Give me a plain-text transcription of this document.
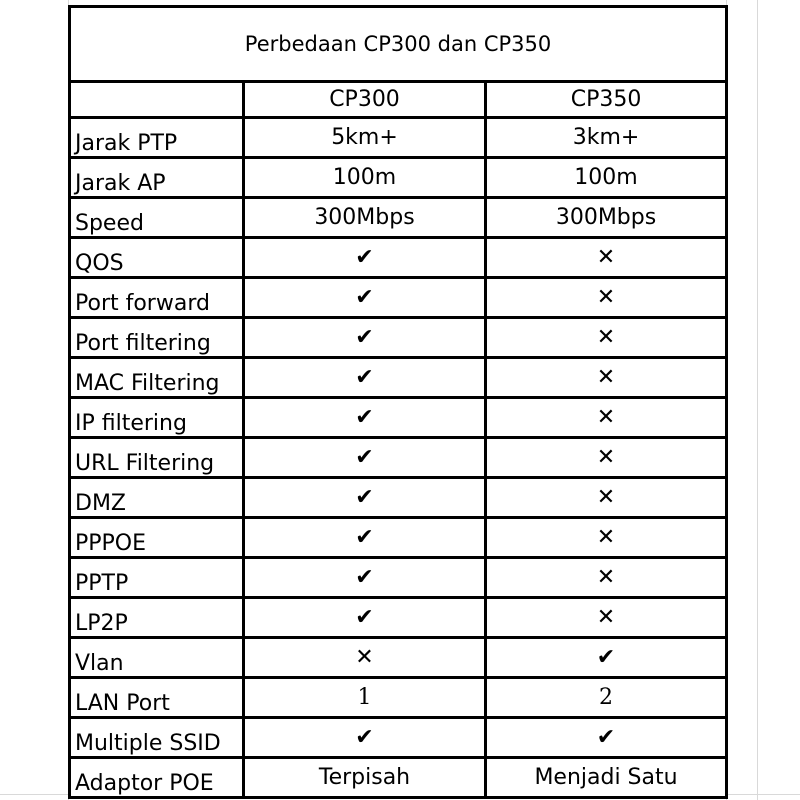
Perbedaan CP300 dan CP350		
	CP300	CP350
Jarak PTP	5km+	3km+
Jarak AP	100m	100m
Speed	300Mbps	300Mbps
QOS	✔	✕
Port forward	✔	✕
Port filtering	✔	✕
MAC Filtering	✔	✕
IP filtering	✔	✕
URL Filtering	✔	✕
DMZ	✔	✕
PPPOE	✔	✕
PPTP	✔	✕
LP2P	✔	✕
Vlan	✕	✔
LAN Port	1	2
Multiple SSID	✔	✔
Adaptor POE	Terpisah	Menjadi Satu
